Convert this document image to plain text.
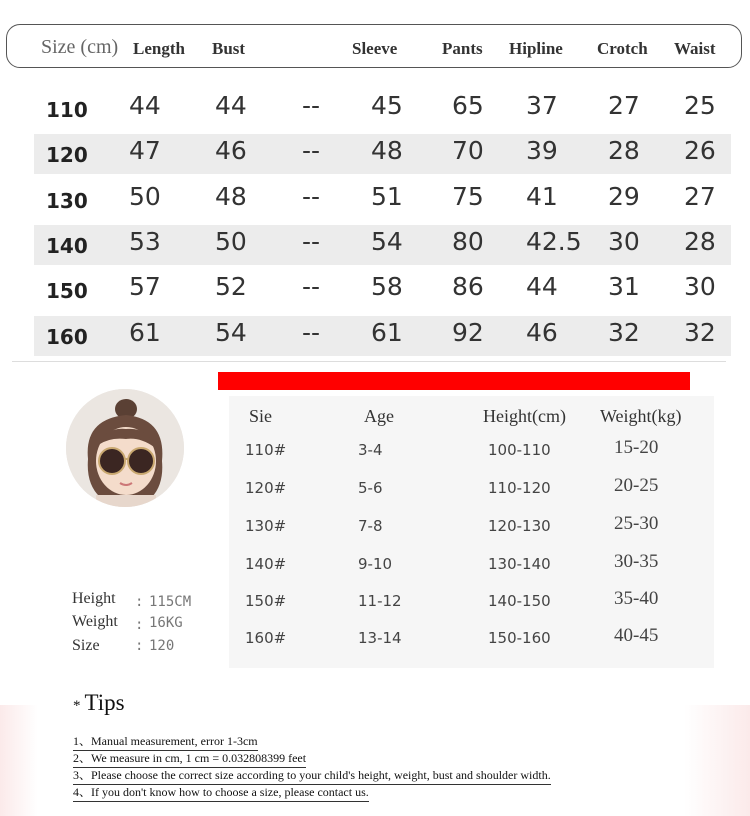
Size (cm) Length Bust	Sleeve	Pants Hipline Crotch Waist
110 44 44 -- 45 65 37 27 25
120 47 46 -- 48 70 39 28 26
130 50 48 -- 51 75 41 29 27
140 53 50 -- 54 80 42.5 30 28
150 57 52 -- 58 86 44 31 30
160 61 54 -- 61 92 46 32 32
Height : 115CM
Weight : 16KG
Size	: 120
Sie	Age	Height(cm) Weight(kg)
110#	3-4	100-110	15-20
120#	5-6	110-120	20-25
130#	7-8	120-130	25-30
140#	9-10	130-140	30-35
150#	11-12	140-150	35-40
160#	13-14	150-160	40-45
* Tips
1、Manual measurement, error 1-3cm
2、We measure in cm, 1 cm = 0.032808399 feet
3、Please choose the correct size according to your child's height, weight, bust and shoulder width.
4、If you don't know how to choose a size, please contact us.
